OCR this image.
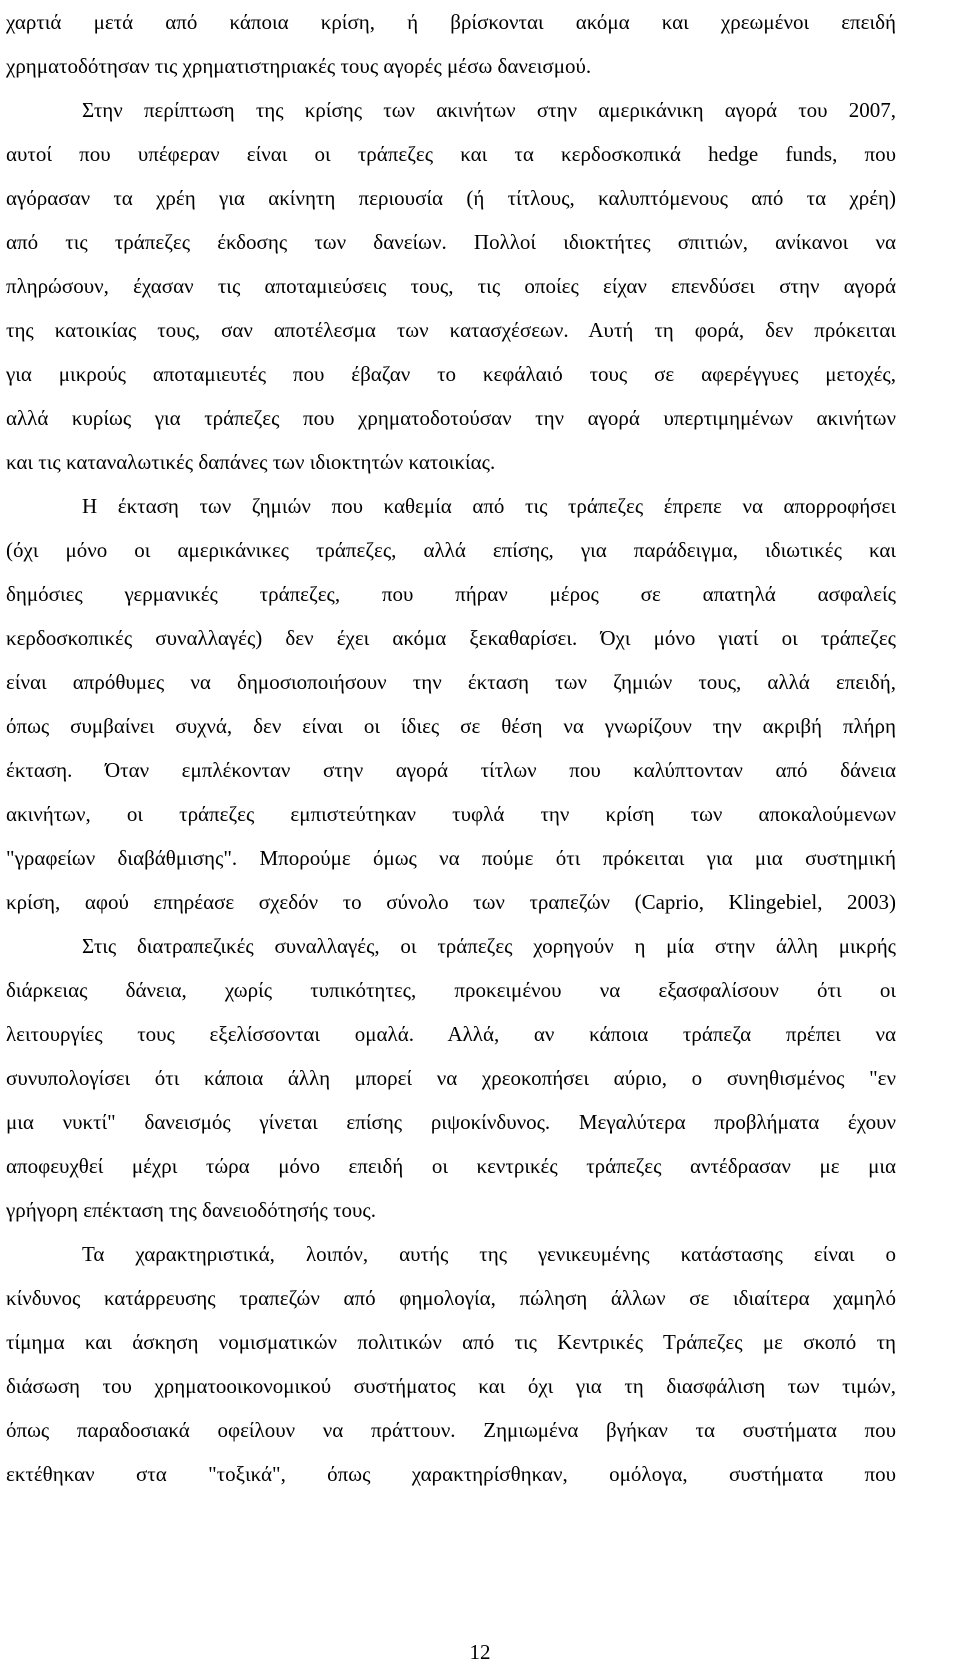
χαρτιά μετά από κάποια κρίση, ή βρίσκονται ακόμα και χρεωμένοι επειδή
χρηματοδότησαν τις χρηματιστηριακές τους αγορές μέσω δανεισμού.
Στην περίπτωση της κρίσης των ακινήτων στην αμερικάνικη αγορά του 2007,
αυτοί που υπέφεραν είναι οι τράπεζες και τα κερδοσκοπικά hedge funds, που
αγόρασαν τα χρέη για ακίνητη περιουσία (ή τίτλους, καλυπτόμενους από τα χρέη)
από τις τράπεζες έκδοσης των δανείων. Πολλοί ιδιοκτήτες σπιτιών, ανίκανοι να
πληρώσουν, έχασαν τις αποταμιεύσεις τους, τις οποίες είχαν επενδύσει στην αγορά
της κατοικίας τους, σαν αποτέλεσμα των κατασχέσεων. Αυτή τη φορά, δεν πρόκειται
για μικρούς αποταμιευτές που έβαζαν το κεφάλαιό τους σε αφερέγγυες μετοχές,
αλλά κυρίως για τράπεζες που χρηματοδοτούσαν την αγορά υπερτιμημένων ακινήτων
και τις καταναλωτικές δαπάνες των ιδιοκτητών κατοικίας.
Η έκταση των ζημιών που καθεμία από τις τράπεζες έπρεπε να απορροφήσει
(όχι μόνο οι αμερικάνικες τράπεζες, αλλά επίσης, για παράδειγμα, ιδιωτικές και
δημόσιες γερμανικές τράπεζες, που πήραν μέρος σε απατηλά ασφαλείς
κερδοσκοπικές συναλλαγές) δεν έχει ακόμα ξεκαθαρίσει. Όχι μόνο γιατί οι τράπεζες
είναι απρόθυμες να δημοσιοποιήσουν την έκταση των ζημιών τους, αλλά επειδή,
όπως συμβαίνει συχνά, δεν είναι οι ίδιες σε θέση να γνωρίζουν την ακριβή πλήρη
έκταση. Όταν εμπλέκονταν στην αγορά τίτλων που καλύπτονταν από δάνεια
ακινήτων, οι τράπεζες εμπιστεύτηκαν τυφλά την κρίση των αποκαλούμενων
"γραφείων διαβάθμισης". Μπορούμε όμως να πούμε ότι πρόκειται για μια συστημική
κρίση, αφού επηρέασε σχεδόν το σύνολο των τραπεζών (Caprio, Klingebiel, 2003)
Στις διατραπεζικές συναλλαγές, οι τράπεζες χορηγούν η μία στην άλλη μικρής
διάρκειας δάνεια, χωρίς τυπικότητες, προκειμένου να εξασφαλίσουν ότι οι
λειτουργίες τους εξελίσσονται ομαλά. Αλλά, αν κάποια τράπεζα πρέπει να
συνυπολογίσει ότι κάποια άλλη μπορεί να χρεοκοπήσει αύριο, ο συνηθισμένος "εν
μια νυκτί" δανεισμός γίνεται επίσης ριψοκίνδυνος. Μεγαλύτερα προβλήματα έχουν
αποφευχθεί μέχρι τώρα μόνο επειδή οι κεντρικές τράπεζες αντέδρασαν με μια
γρήγορη επέκταση της δανειοδότησής τους.
Τα χαρακτηριστικά, λοιπόν, αυτής της γενικευμένης κατάστασης είναι ο
κίνδυνος κατάρρευσης τραπεζών από φημολογία, πώληση άλλων σε ιδιαίτερα χαμηλό
τίμημα και άσκηση νομισματικών πολιτικών από τις Κεντρικές Τράπεζες με σκοπό τη
διάσωση του χρηματοοικονομικού συστήματος και όχι για τη διασφάλιση των τιμών,
όπως παραδοσιακά οφείλουν να πράττουν. Ζημιωμένα βγήκαν τα συστήματα που
εκτέθηκαν στα "τοξικά", όπως χαρακτηρίσθηκαν, ομόλογα, συστήματα που
12
